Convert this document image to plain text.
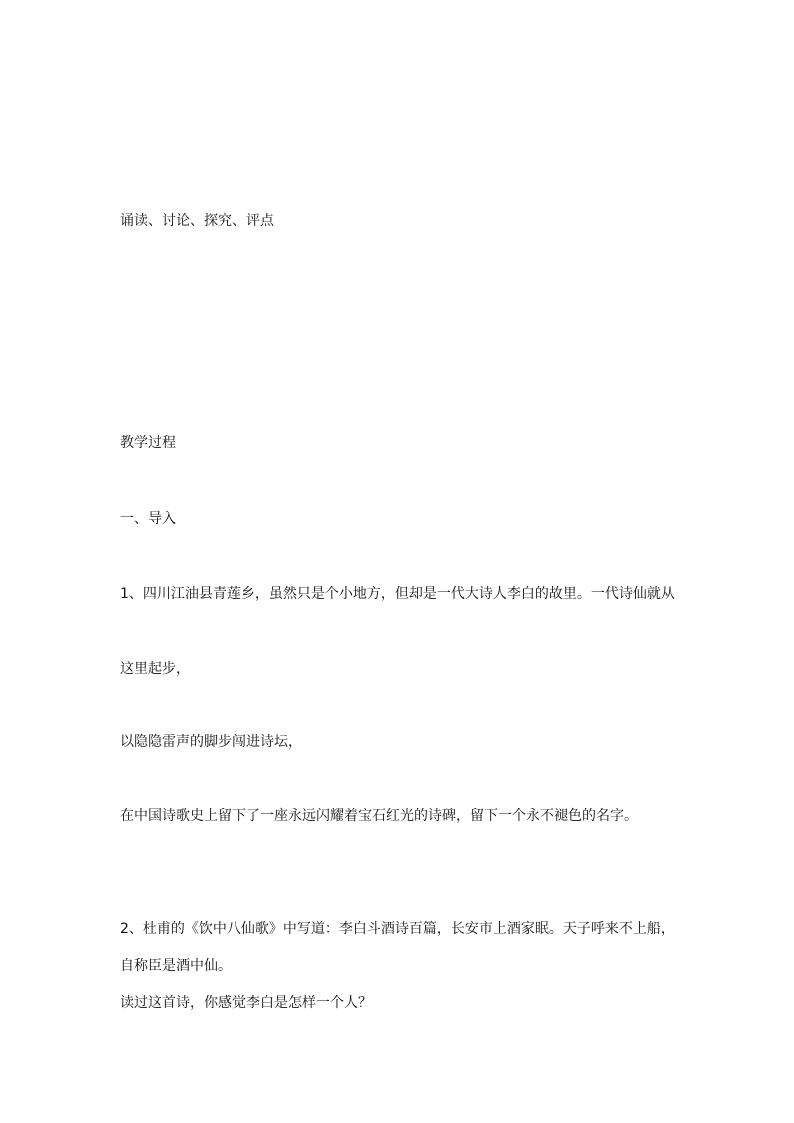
诵读、讨论、探究、评点
教学过程
一、导入
1、四川江油县青莲乡，虽然只是个小地方，但却是一代大诗人李白的故里。一代诗仙就从
这里起步，
以隐隐雷声的脚步闯进诗坛，
在中国诗歌史上留下了一座永远闪耀着宝石红光的诗碑，留下一个永不褪色的名字。
2、杜甫的《饮中八仙歌》中写道：李白斗酒诗百篇，长安市上酒家眠。天子呼来不上船，
自称臣是酒中仙。
读过这首诗，你感觉李白是怎样一个人？
